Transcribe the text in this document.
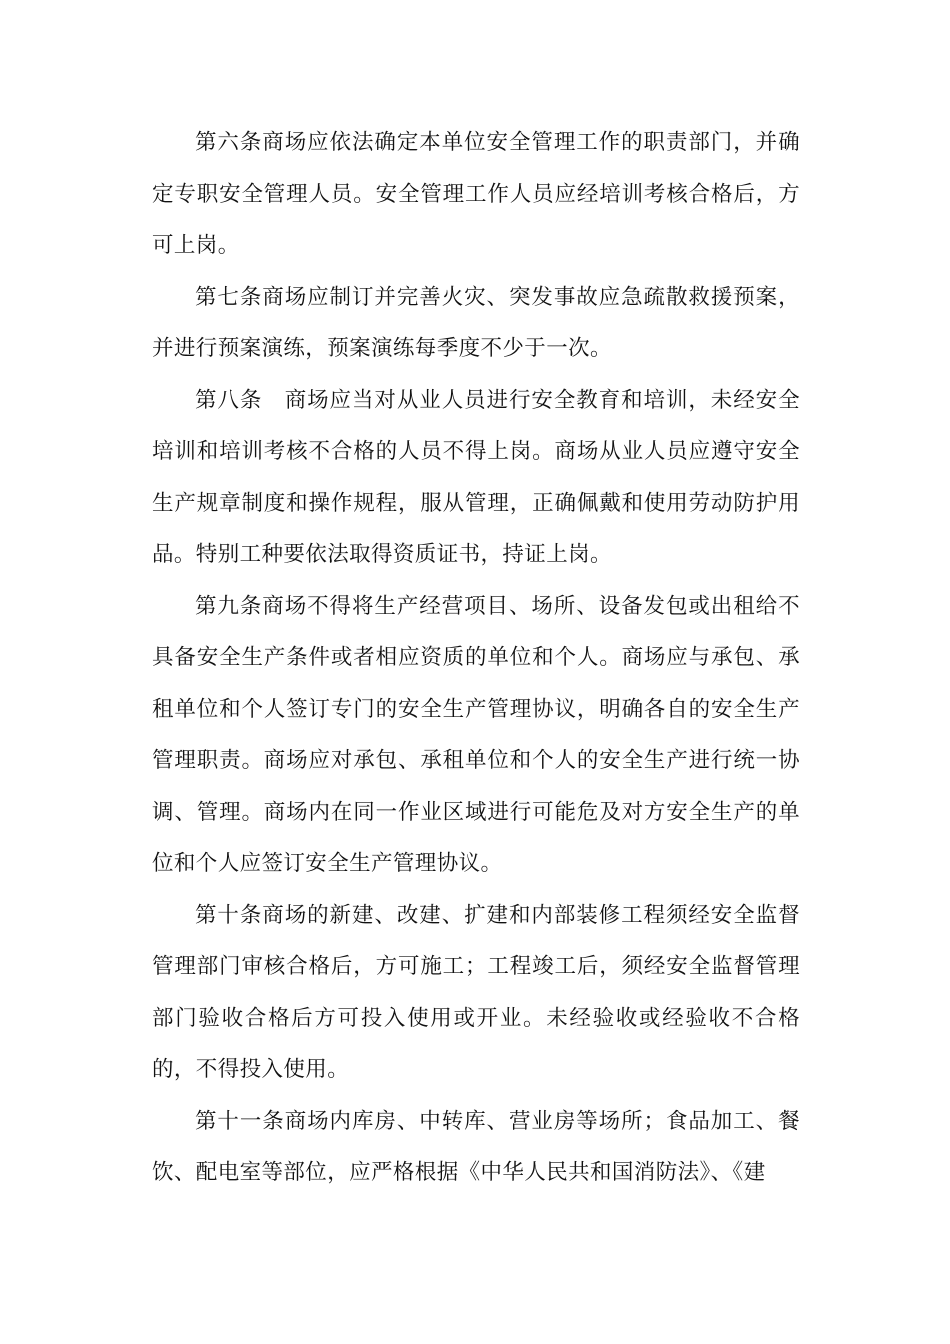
第六条商场应依法确定本单位安全管理工作的职责部门，并确定专职安全管理人员。安全管理工作人员应经培训考核合格后，方可上岗。

第七条商场应制订并完善火灾、突发事故应急疏散救援预案，并进行预案演练，预案演练每季度不少于一次。

第八条　商场应当对从业人员进行安全教育和培训，未经安全培训和培训考核不合格的人员不得上岗。商场从业人员应遵守安全生产规章制度和操作规程，服从管理，正确佩戴和使用劳动防护用品。特别工种要依法取得资质证书，持证上岗。

第九条商场不得将生产经营项目、场所、设备发包或出租给不具备安全生产条件或者相应资质的单位和个人。商场应与承包、承租单位和个人签订专门的安全生产管理协议，明确各自的安全生产管理职责。商场应对承包、承租单位和个人的安全生产进行统一协调、管理。商场内在同一作业区域进行可能危及对方安全生产的单位和个人应签订安全生产管理协议。

第十条商场的新建、改建、扩建和内部装修工程须经安全监督管理部门审核合格后，方可施工；工程竣工后，须经安全监督管理部门验收合格后方可投入使用或开业。未经验收或经验收不合格的，不得投入使用。

第十一条商场内库房、中转库、营业房等场所；食品加工、餐饮、配电室等部位，应严格根据《中华人民共和国消防法》、《建
